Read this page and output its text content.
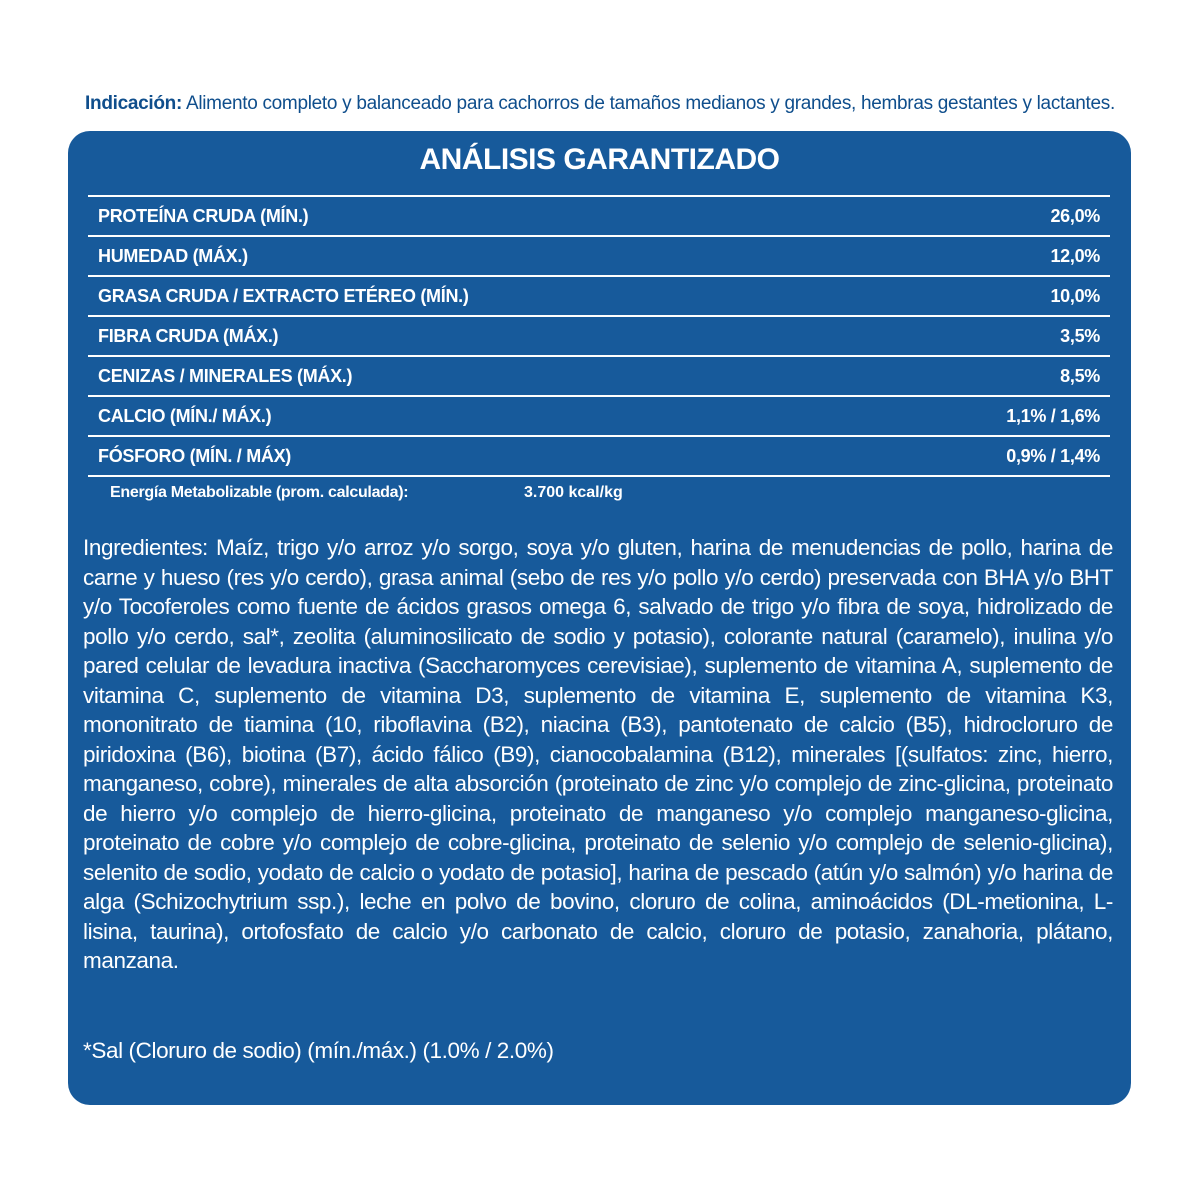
Indicación: Alimento completo y balanceado para cachorros de tamaños medianos y grandes, hembras gestantes y lactantes.
ANÁLISIS GARANTIZADO
PROTEÍNA CRUDA (MÍN.)	26,0%
HUMEDAD (MÁX.)	12,0%
GRASA CRUDA / EXTRACTO ETÉREO (MÍN.)	10,0%
FIBRA CRUDA (MÁX.)	3,5%
CENIZAS / MINERALES (MÁX.)	8,5%
CALCIO (MÍN./ MÁX.)	1,1% / 1,6%
FÓSFORO (MÍN. / MÁX)	0,9% / 1,4%
Energía Metabolizable (prom. calculada):	3.700 kcal/kg

Ingredientes: Maíz, trigo y/o arroz y/o sorgo, soya y/o gluten, harina de menudencias de pollo, harina de carne y hueso (res y/o cerdo), grasa animal (sebo de res y/o pollo y/o cerdo) preservada con BHA y/o BHT y/o Tocoferoles como fuente de ácidos grasos omega 6, salvado de trigo y/o fibra de soya, hidrolizado de pollo y/o cerdo, sal*, zeolita (aluminosilicato de sodio y potasio), colorante natural (caramelo), inulina y/o pared celular de levadura inactiva (Saccharomyces cerevisiae), suplemento de vitamina A, suplemento de vitamina C, suplemento de vitamina D3, suplemento de vitamina E, suplemento de vitamina K3, mononitrato de tiamina (10, riboflavina (B2), niacina (B3), pantotenato de calcio (B5), hidrocloruro de piridoxina (B6), biotina (B7), ácido fálico (B9), cianocobalamina (B12), minerales [(sulfatos: zinc, hierro, manganeso, cobre), minerales de alta absorción (proteinato de zinc y/o complejo de zinc-glicina, proteinato de hierro y/o complejo de hierro-glicina, proteinato de manganeso y/o complejo manganeso-glicina, proteinato de cobre y/o complejo de cobre-glicina, proteinato de selenio y/o complejo de selenio-glicina), selenito de sodio, yodato de calcio o yodato de potasio], harina de pescado (atún y/o salmón) y/o harina de alga (Schizochytrium ssp.), leche en polvo de bovino, cloruro de colina, aminoácidos (DL-metionina, L-lisina, taurina), ortofosfato de calcio y/o carbonato de calcio, cloruro de potasio, zanahoria, plátano, manzana.

*Sal (Cloruro de sodio) (mín./máx.) (1.0% / 2.0%)
